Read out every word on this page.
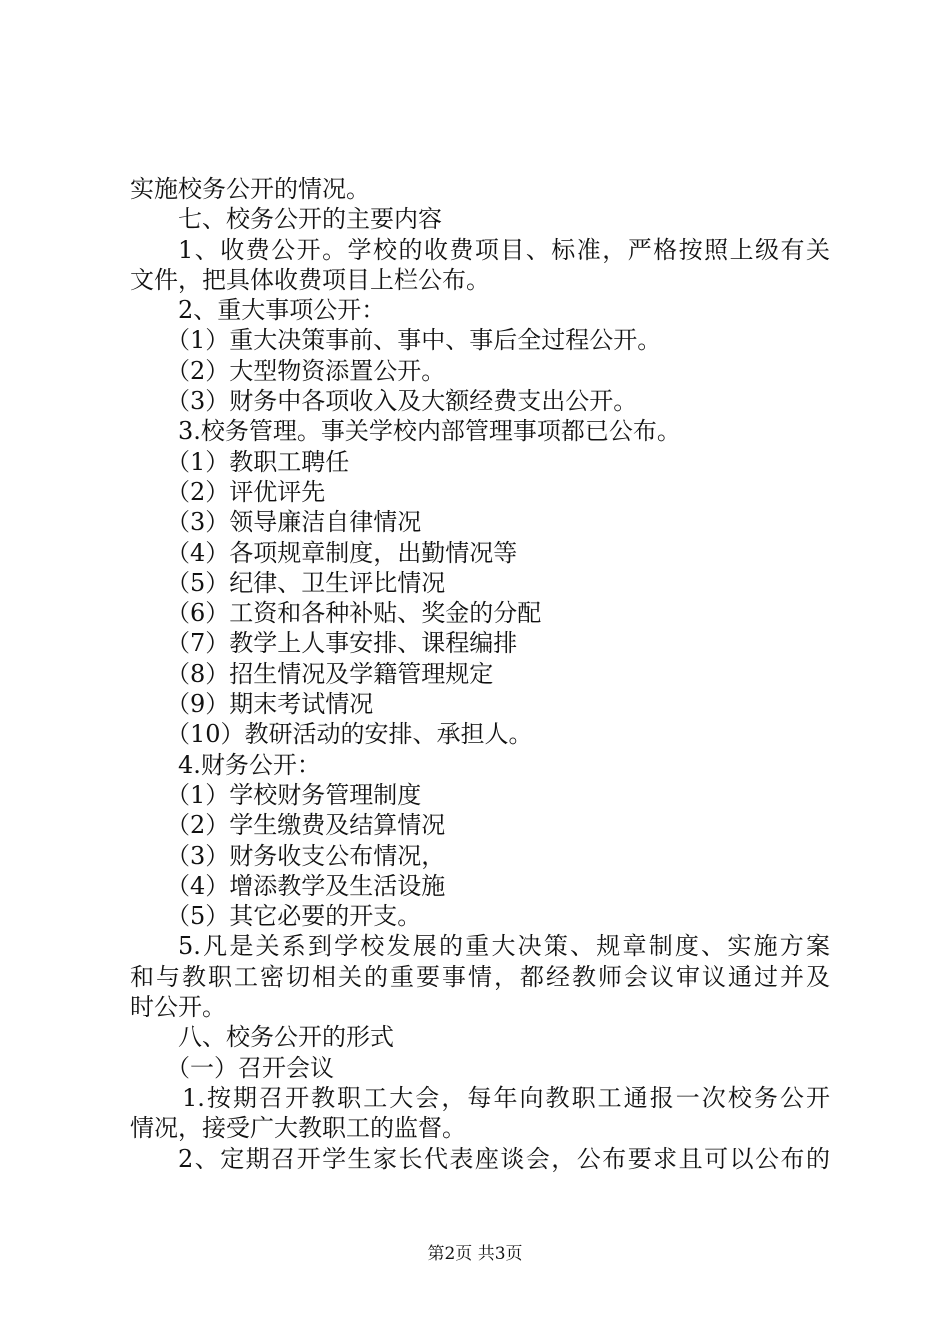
实施校务公开的情况。
七、校务公开的主要内容
1、收费公开。学校的收费项目、标准，严格按照上级有关
文件，把具体收费项目上栏公布。
2、重大事项公开：
（1）重大决策事前、事中、事后全过程公开。
（2）大型物资添置公开。
（3）财务中各项收入及大额经费支出公开。
3.校务管理。事关学校内部管理事项都已公布。
（1）教职工聘任
（2）评优评先
（3）领导廉洁自律情况
（4）各项规章制度，出勤情况等
（5）纪律、卫生评比情况
（6）工资和各种补贴、奖金的分配
（7）教学上人事安排、课程编排
（8）招生情况及学籍管理规定
（9）期末考试情况
（10）教研活动的安排、承担人。
4.财务公开：
（1）学校财务管理制度
（2）学生缴费及结算情况
（3）财务收支公布情况，
（4）增添教学及生活设施
（5）其它必要的开支。
5.凡是关系到学校发展的重大决策、规章制度、实施方案
和与教职工密切相关的重要事情，都经教师会议审议通过并及
时公开。
八、校务公开的形式
（一）召开会议
1.按期召开教职工大会，每年向教职工通报一次校务公开
情况，接受广大教职工的监督。
2、定期召开学生家长代表座谈会，公布要求且可以公布的
第2页 共3页
